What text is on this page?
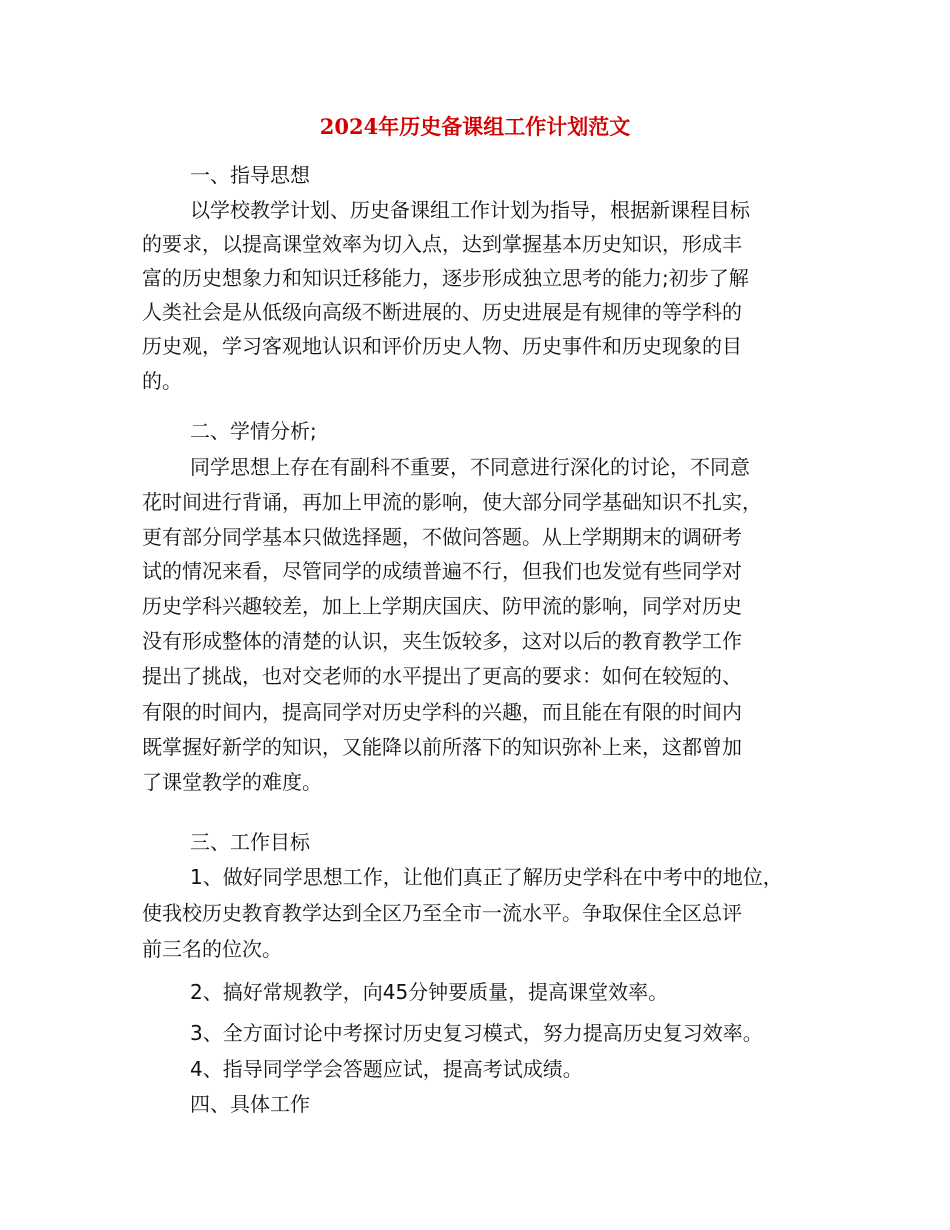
2024年历史备课组工作计划范文

一、指导思想

以学校教学计划、历史备课组工作计划为指导，根据新课程目标

的要求，以提高课堂效率为切入点，达到掌握基本历史知识，形成丰

富的历史想象力和知识迁移能力，逐步形成独立思考的能力;初步了解

人类社会是从低级向高级不断进展的、历史进展是有规律的等学科的

历史观，学习客观地认识和评价历史人物、历史事件和历史现象的目

的。

二、学情分析;

同学思想上存在有副科不重要，不同意进行深化的讨论，不同意

花时间进行背诵，再加上甲流的影响，使大部分同学基础知识不扎实，

更有部分同学基本只做选择题，不做问答题。从上学期期末的调研考

试的情况来看，尽管同学的成绩普遍不行，但我们也发觉有些同学对

历史学科兴趣较差，加上上学期庆国庆、防甲流的影响，同学对历史

没有形成整体的清楚的认识，夹生饭较多，这对以后的教育教学工作

提出了挑战，也对交老师的水平提出了更高的要求：如何在较短的、

有限的时间内，提高同学对历史学科的兴趣，而且能在有限的时间内

既掌握好新学的知识，又能降以前所落下的知识弥补上来，这都曾加

了课堂教学的难度。

三、工作目标

1、做好同学思想工作，让他们真正了解历史学科在中考中的地位，

使我校历史教育教学达到全区乃至全市一流水平。争取保住全区总评

前三名的位次。

2、搞好常规教学，向45分钟要质量，提高课堂效率。

3、全方面讨论中考探讨历史复习模式，努力提高历史复习效率。

4、指导同学学会答题应试，提高考试成绩。

四、具体工作
